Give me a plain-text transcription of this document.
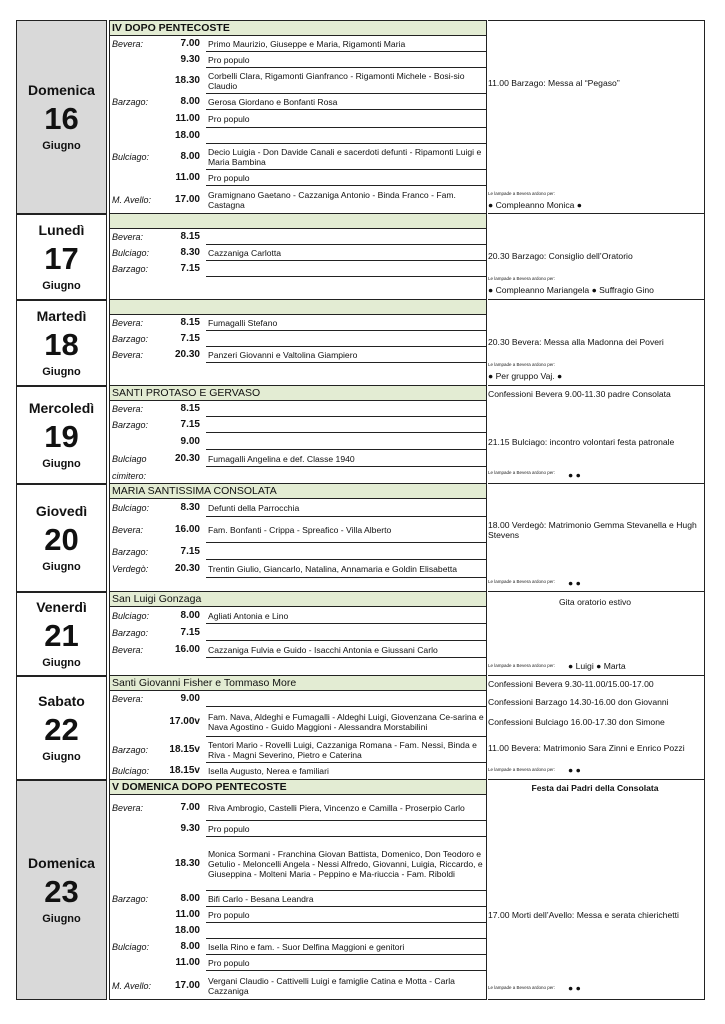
Domenica
16
Giugno
IV DOPO PENTECOSTE
Bevera:	7.00 Primo Maurizio, Giuseppe e Maria, Rigamonti Maria
9.30 Pro populo
18.30 Corbelli Clara, Rigamonti Gianfranco - Rigamonti Michele - Bosi-sio Claudio
Barzago:	8.00 Gerosa Giordano e Bonfanti Rosa
11.00 Pro populo
18.00
Bulciago:	8.00 Decio Luigia - Don Davide Canali e sacerdoti defunti - Ripamonti Luigi e Maria Bambina
11.00 Pro populo
M. Avello:	17.00 Gramignano Gaetano - Cazzaniga Antonio - Binda Franco - Fam. Castagna
11.00 Barzago: Messa al “Pegaso”
Le lampade a Bevera ardono per:
● Compleanno Monica ●
Lunedì
17
Giugno
Bevera:	8.15
Bulciago:	8.30 Cazzaniga Carlotta
Barzago:	7.15
20.30 Barzago: Consiglio dell’Oratorio
Le lampade a Bevera ardono per:
● Compleanno Mariangela ● Suffragio Gino
Martedì
18
Giugno
Bevera:	8.15 Fumagalli Stefano
Barzago:	7.15
Bevera:	20.30 Panzeri Giovanni e Valtolina Giampiero
20.30 Bevera: Messa alla Madonna dei Poveri
Le lampade a Bevera ardono per:
● Per gruppo Vaj. ●
Mercoledì
19
Giugno
SANTI PROTASO E GERVASO
Bevera:	8.15
Barzago:	7.15
9.00
Bulciago	20.30 Fumagalli Angelina e def. Classe 1940
cimitero:
Confessioni Bevera 9.00-11.30 padre Consolata
21.15 Bulciago: incontro volontari festa patronale
Le lampade a Bevera ardono per:	● ●
Giovedì
20
Giugno
MARIA SANTISSIMA CONSOLATA
Bulciago:	8.30 Defunti della Parrocchia
Bevera:	16.00 Fam. Bonfanti - Crippa - Spreafico - Villa Alberto
Barzago:	7.15
Verdegò:	20.30 Trentin Giulio, Giancarlo, Natalina, Annamaria e Goldin Elisabetta
18.00 Verdegò: Matrimonio Gemma Stevanella e Hugh Stevens
Le lampade a Bevera ardono per:	● ●
Venerdì
21
Giugno
San Luigi Gonzaga
Bulciago:	8.00 Agliati Antonia e Lino
Barzago:	7.15
Bevera:	16.00 Cazzaniga Fulvia e Guido - Isacchi Antonia e Giussani Carlo
Gita oratorio estivo
Le lampade a Bevera ardono per:	● Luigi ● Marta
Sabato
22
Giugno
Santi Giovanni Fisher e Tommaso More
Bevera:	9.00
17.00v Fam. Nava, Aldeghi e Fumagalli - Aldeghi Luigi, Giovenzana Ce-sarina e Nava Agostino - Guido Maggioni - Alessandra Morstabilini
Barzago:	18.15v Tentori Mario - Rovelli Luigi, Cazzaniga Romana - Fam. Nessi, Binda e Riva - Magni Severino, Pietro e Caterina
Bulciago:	18.15v Isella Augusto, Nerea e familiari
Confessioni Bevera 9.30-11.00/15.00-17.00
Confessioni Barzago 14.30-16.00 don Giovanni
Confessioni Bulciago 16.00-17.30 don Simone
11.00 Bevera: Matrimonio Sara Zinni e Enrico Pozzi
Le lampade a Bevera ardono per:	● ●
Domenica
23
Giugno
V DOMENICA DOPO PENTECOSTE
Bevera:	7.00 Riva Ambrogio, Castelli Piera, Vincenzo e Camilla - Proserpio Carlo
9.30 Pro populo
18.30
Monica Sormani - Franchina Giovan Battista, Domenico, Don Teodoro e Getulio - Meloncelli Angela - Nessi Alfredo, Giovanni, Luigia, Riccardo, e Giuseppina - Molteni Maria - Peppino e Ma-riuccia - Fam. Riboldi
Barzago:	8.00 Bifi Carlo - Besana Leandra
11.00 Pro populo
18.00
Bulciago:	8.00 Isella Rino e fam. - Suor Delfina Maggioni e genitori
11.00 Pro populo
M. Avello:	17.00 Vergani Claudio - Cattivelli Luigi e famiglie Catina e Motta - Carla Cazzaniga
Festa dai Padri della Consolata
17.00 Morti dell’Avello: Messa e serata chierichetti
Le lampade a Bevera ardono per:	● ●
